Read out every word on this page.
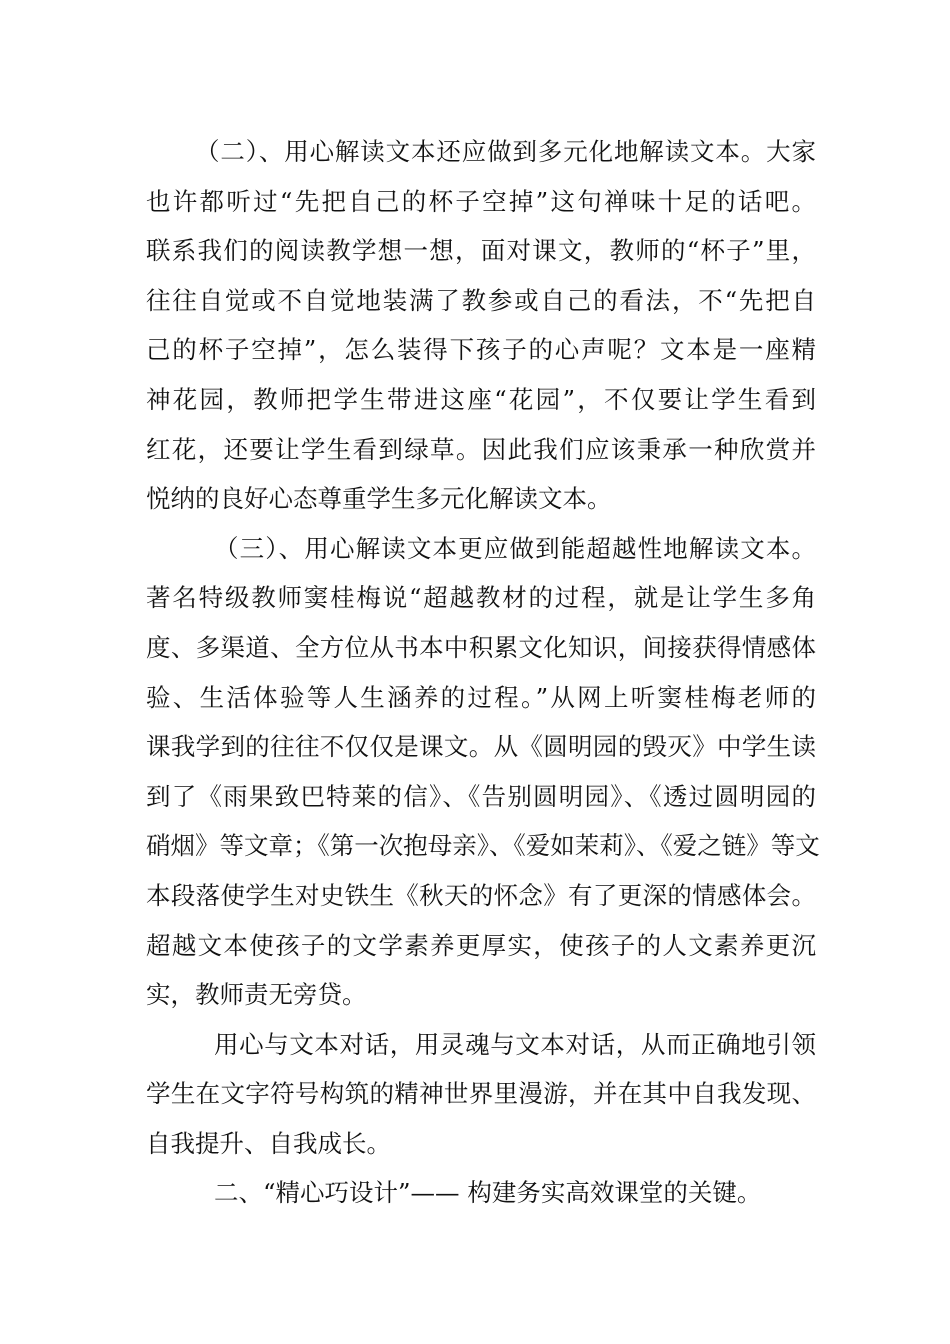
（二）、用心解读文本还应做到多元化地解读文本。大家
也许都听过“先把自己的杯子空掉”这句禅味十足的话吧。
联系我们的阅读教学想一想，面对课文，教师的“杯子”里，
往往自觉或不自觉地装满了教参或自己的看法，不“先把自
己的杯子空掉”，怎么装得下孩子的心声呢？文本是一座精
神花园，教师把学生带进这座“花园”，不仅要让学生看到
红花，还要让学生看到绿草。因此我们应该秉承一种欣赏并
悦纳的良好心态尊重学生多元化解读文本。
（三）、用心解读文本更应做到能超越性地解读文本。
著名特级教师窦桂梅说“超越教材的过程，就是让学生多角
度、多渠道、全方位从书本中积累文化知识，间接获得情感体
验、生活体验等人生涵养的过程。”从网上听窦桂梅老师的
课我学到的往往不仅仅是课文。从《圆明园的毁灭》中学生读
到了《雨果致巴特莱的信》、《告别圆明园》、《透过圆明园的
硝烟》等文章；《第一次抱母亲》、《爱如茉莉》、《爱之链》等文
本段落使学生对史铁生《秋天的怀念》有了更深的情感体会。
超越文本使孩子的文学素养更厚实，使孩子的人文素养更沉
实，教师责无旁贷。
用心与文本对话，用灵魂与文本对话，从而正确地引领
学生在文字符号构筑的精神世界里漫游，并在其中自我发现、
自我提升、自我成长。
二、“精心巧设计”—— 构建务实高效课堂的关键。
